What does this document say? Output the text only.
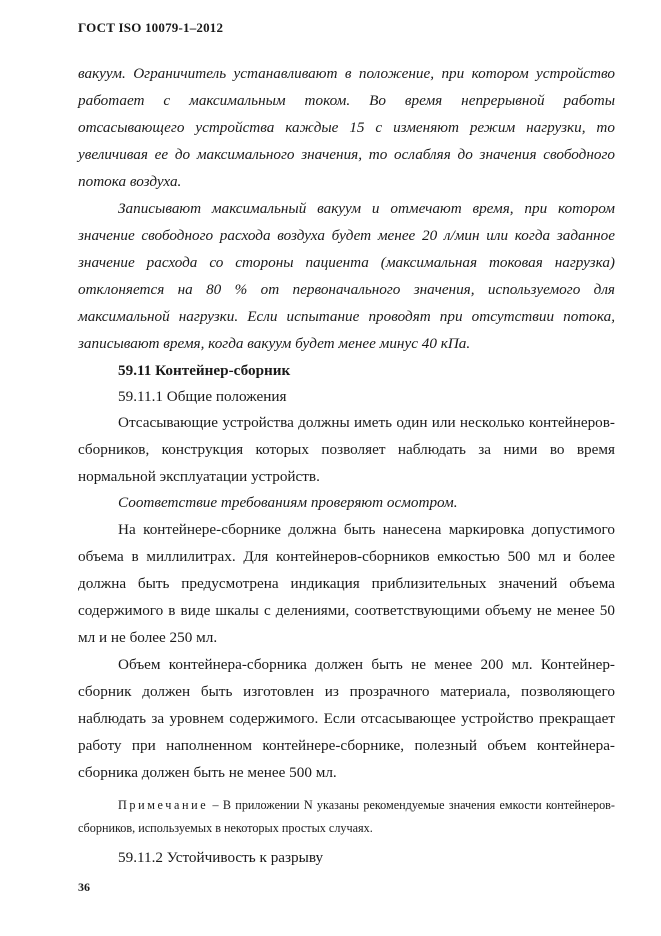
ГОСТ ISO 10079-1–2012

вакуум. Ограничитель устанавливают в положение, при котором устройство работает с максимальным током. Во время непрерывной работы отсасывающего устройства каждые 15 с изменяют режим нагрузки, то увеличивая ее до максимального значения, то ослабляя до значения свободного потока воздуха.

Записывают максимальный вакуум и отмечают время, при котором значение свободного расхода воздуха будет менее 20 л/мин или когда заданное значение расхода со стороны пациента (максимальная токовая нагрузка) отклоняется на 80 % от первоначального значения, используемого для максимальной нагрузки. Если испытание проводят при отсутствии потока, записывают время, когда вакуум будет менее минус 40 кПа.

59.11 Контейнер-сборник

59.11.1 Общие положения

Отсасывающие устройства должны иметь один или несколько контейнеров-сборников, конструкция которых позволяет наблюдать за ними во время нормальной эксплуатации устройств.

Соответствие требованиям проверяют осмотром.

На контейнере-сборнике должна быть нанесена маркировка допустимого объема в миллилитрах. Для контейнеров-сборников емкостью 500 мл и более должна быть предусмотрена индикация приблизительных значений объема содержимого в виде шкалы с делениями, соответствующими объему не менее 50 мл и не более 250 мл.

Объем контейнера-сборника должен быть не менее 200 мл. Контейнер-сборник должен быть изготовлен из прозрачного материала, позволяющего наблюдать за уровнем содержимого. Если отсасывающее устройство прекращает работу при наполненном контейнере-сборнике, полезный объем контейнера-сборника должен быть не менее 500 мл.

Примечание – В приложении N указаны рекомендуемые значения емкости контейнеров-сборников, используемых в некоторых простых случаях.

59.11.2 Устойчивость к разрыву

36
